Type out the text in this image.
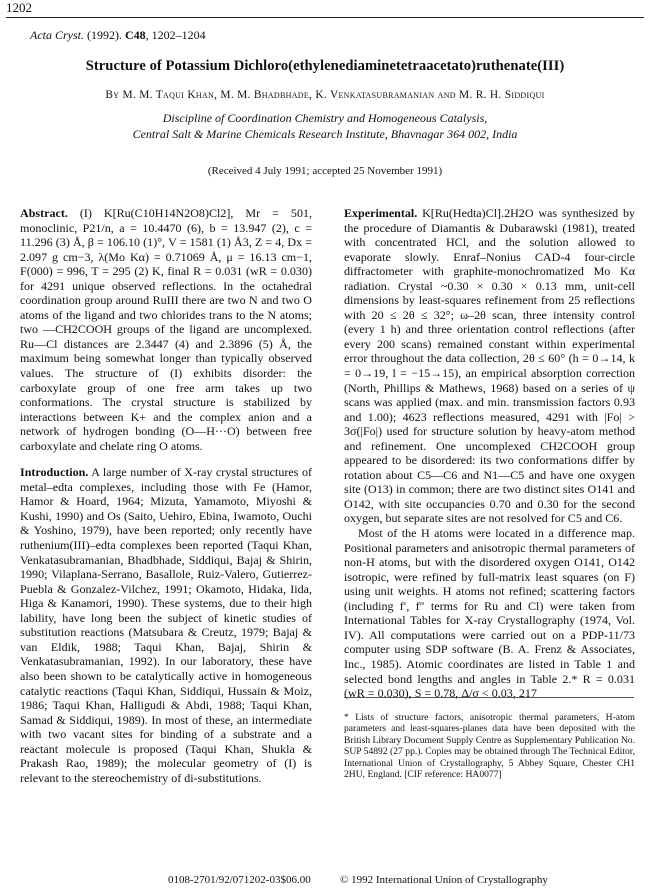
1202
Acta Cryst. (1992). C48, 1202–1204
Structure of Potassium Dichloro(ethylenediaminetetraacetato)ruthenate(III)
By M. M. Taqui Khan, M. M. Bhadbhade, K. Venkatasubramanian and M. R. H. Siddiqui
Discipline of Coordination Chemistry and Homogeneous Catalysis,
Central Salt & Marine Chemicals Research Institute, Bhavnagar 364 002, India
(Received 4 July 1991; accepted 25 November 1991)

Abstract. (I) K[Ru(C10H14N2O8)Cl2], Mr = 501, monoclinic, P21/n, a = 10.4470 (6), b = 13.947 (2), c = 11.296 (3) Å, β = 106.10 (1)°, V = 1581 (1) Å3, Z = 4, Dx = 2.097 g cm−3, λ(Mo Kα) = 0.71069 Å, μ = 16.13 cm−1, F(000) = 996, T = 295 (2) K, final R = 0.031 (wR = 0.030) for 4291 unique observed reflections. In the octahedral coordination group around RuIII there are two N and two O atoms of the ligand and two chlorides trans to the N atoms; two —CH2COOH groups of the ligand are uncomplexed. Ru—Cl distances are 2.3447 (4) and 2.3896 (5) Å, the maximum being somewhat longer than typically observed values. The structure of (I) exhibits disorder: the carboxylate group of one free arm takes up two conformations. The crystal structure is stabilized by interactions between K+ and the complex anion and a network of hydrogen bonding (O—H···O) between free carboxylate and chelate ring O atoms.

Introduction. A large number of X-ray crystal structures of metal–edta complexes, including those with Fe (Hamor, Hamor & Hoard, 1964; Mizuta, Yamamoto, Miyoshi & Kushi, 1990) and Os (Saito, Uehiro, Ebina, Iwamoto, Ouchi & Yoshino, 1979), have been reported; only recently have ruthenium(III)–edta complexes been reported (Taqui Khan, Venkatasubramanian, Bhadbhade, Siddiqui, Bajaj & Shirin, 1990; Vilaplana-Serrano, Basallole, Ruiz-Valero, Gutierrez-Puebla & Gonzalez-Vilchez, 1991; Okamoto, Hidaka, Iida, Higa & Kanamori, 1990). These systems, due to their high lability, have long been the subject of kinetic studies of substitution reactions (Matsubara & Creutz, 1979; Bajaj & van Eldik, 1988; Taqui Khan, Bajaj, Shirin & Venkatasubramanian, 1992). In our laboratory, these have also been shown to be catalytically active in homogeneous catalytic reactions (Taqui Khan, Siddiqui, Hussain & Moiz, 1986; Taqui Khan, Halligudi & Abdi, 1988; Taqui Khan, Samad & Siddiqui, 1989). In most of these, an intermediate with two vacant sites for binding of a substrate and a reactant molecule is proposed (Taqui Khan, Shukla & Prakash Rao, 1989); the molecular geometry of (I) is relevant to the stereochemistry of di-substitutions.

Experimental. K[Ru(Hedta)Cl].2H2O was synthesized by the procedure of Diamantis & Dubarawski (1981), treated with concentrated HCl, and the solution allowed to evaporate slowly. Enraf–Nonius CAD-4 four-circle diffractometer with graphite-monochromatized Mo Kα radiation. Crystal ~0.30 × 0.30 × 0.13 mm, unit-cell dimensions by least-squares refinement from 25 reflections with 20 ≤ 2θ ≤ 32°; ω–2θ scan, three intensity control (every 1 h) and three orientation control reflections (after every 200 scans) remained constant within experimental error throughout the data collection, 2θ ≤ 60° (h = 0→14, k = 0→19, l = −15→15), an empirical absorption correction (North, Phillips & Mathews, 1968) based on a series of ψ scans was applied (max. and min. transmission factors 0.93 and 1.00); 4623 reflections measured, 4291 with |Fo| > 3σ(|Fo|) used for structure solution by heavy-atom method and refinement. One uncomplexed CH2COOH group appeared to be disordered: its two conformations differ by rotation about C5—C6 and N1—C5 and have one oxygen site (O13) in common; there are two distinct sites O141 and O142, with site occupancies 0.70 and 0.30 for the second oxygen, but separate sites are not resolved for C5 and C6.

Most of the H atoms were located in a difference map. Positional parameters and anisotropic thermal parameters of non-H atoms, but with the disordered oxygen O141, O142 isotropic, were refined by full-matrix least squares (on F) using unit weights. H atoms not refined; scattering factors (including f′, f″ terms for Ru and Cl) were taken from International Tables for X-ray Crystallography (1974, Vol. IV). All computations were carried out on a PDP-11/73 computer using SDP software (B. A. Frenz & Associates, Inc., 1985). Atomic coordinates are listed in Table 1 and selected bond lengths and angles in Table 2.* R = 0.031 (wR = 0.030), S = 0.78, Δ/σ < 0.03, 217

* Lists of structure factors, anisotropic thermal parameters, H-atom parameters and least-squares-planes data have been deposited with the British Library Document Supply Centre as Supplementary Publication No. SUP 54892 (27 pp.). Copies may be obtained through The Technical Editor, International Union of Crystallography, 5 Abbey Square, Chester CH1 2HU, England. [CIF reference: HA0077]
0108-2701/92/071202-03$06.00	© 1992 International Union of Crystallography
